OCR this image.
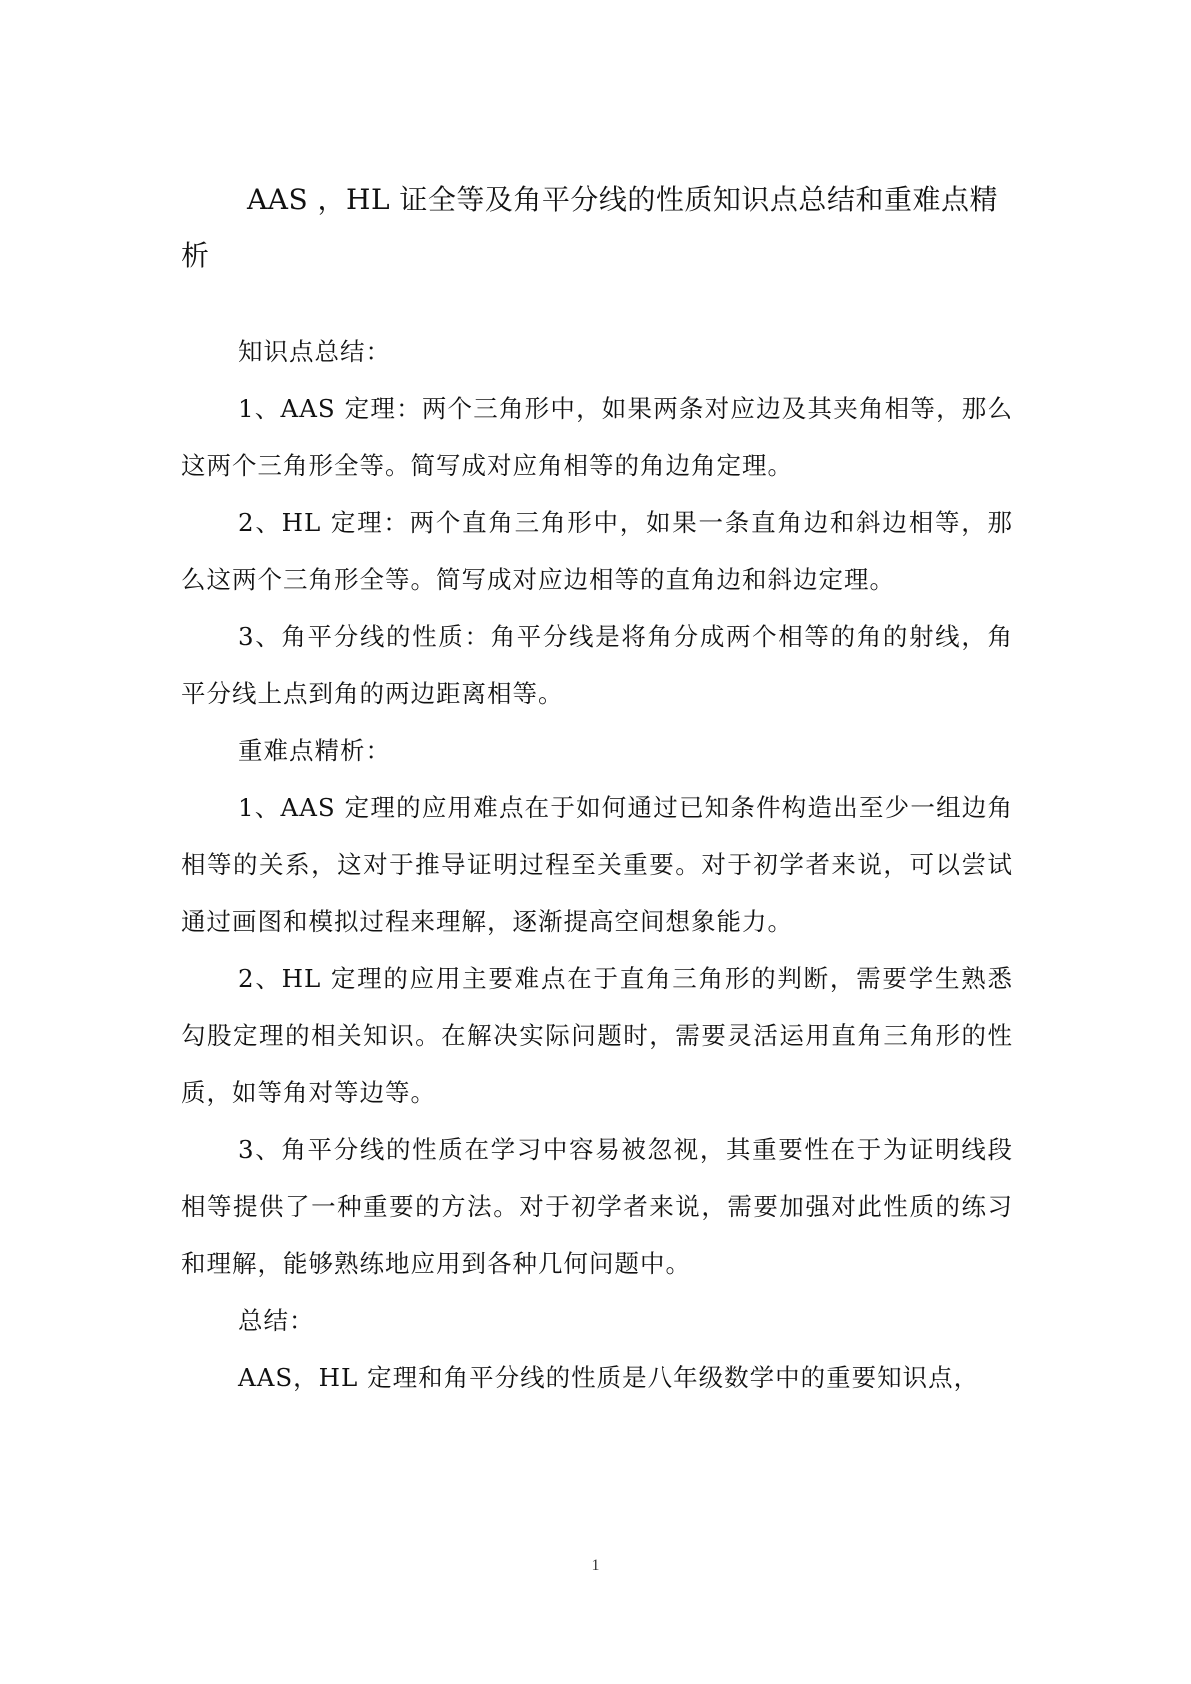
AAS ，HL 证全等及角平分线的性质知识点总结和重难点精析

知识点总结：

1、AAS 定理：两个三角形中，如果两条对应边及其夹角相等，那么这两个三角形全等。简写成对应角相等的角边角定理。

2、HL 定理：两个直角三角形中，如果一条直角边和斜边相等，那么这两个三角形全等。简写成对应边相等的直角边和斜边定理。

3、角平分线的性质：角平分线是将角分成两个相等的角的射线，角平分线上点到角的两边距离相等。

重难点精析：

1、AAS 定理的应用难点在于如何通过已知条件构造出至少一组边角相等的关系，这对于推导证明过程至关重要。对于初学者来说，可以尝试通过画图和模拟过程来理解，逐渐提高空间想象能力。

2、HL 定理的应用主要难点在于直角三角形的判断，需要学生熟悉勾股定理的相关知识。在解决实际问题时，需要灵活运用直角三角形的性质，如等角对等边等。

3、角平分线的性质在学习中容易被忽视，其重要性在于为证明线段相等提供了一种重要的方法。对于初学者来说，需要加强对此性质的练习和理解，能够熟练地应用到各种几何问题中。

总结：

AAS，HL 定理和角平分线的性质是八年级数学中的重要知识点，

1
